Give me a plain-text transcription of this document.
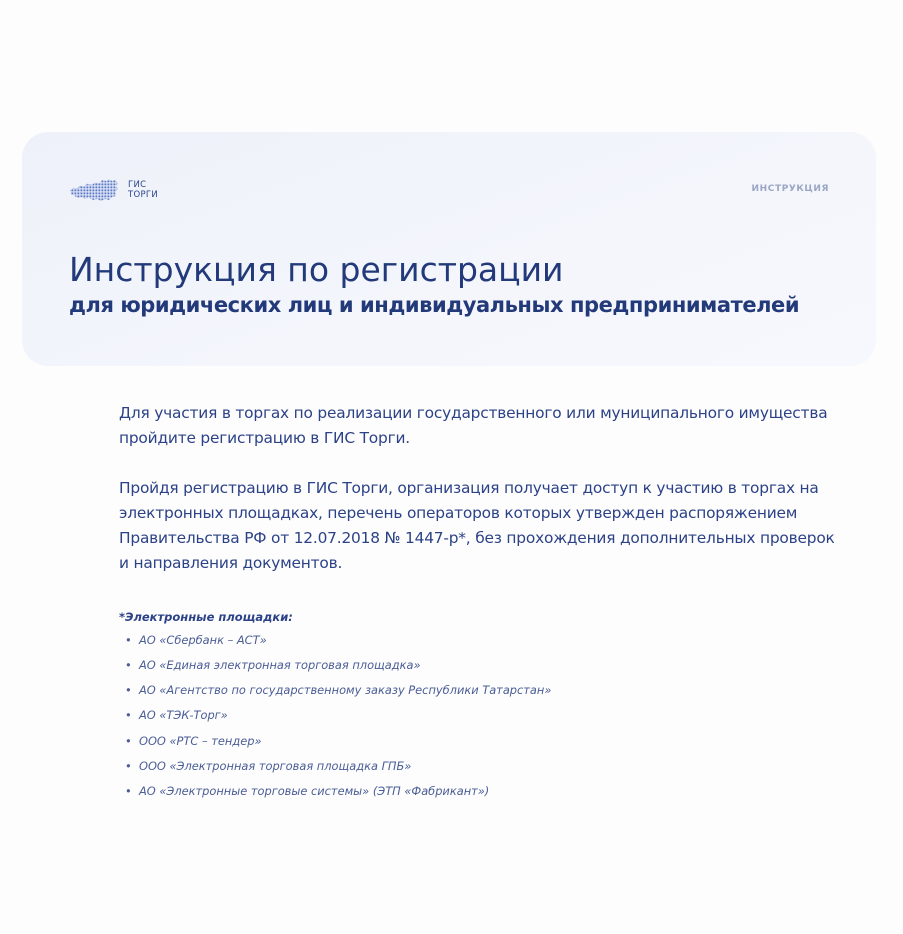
ГИС
ТОРГИ
ИНСТРУКЦИЯ
Инструкция по регистрации
для юридических лиц и индивидуальных предпринимателей

Для участия в торгах по реализации государственного или муниципального имущества пройдите регистрацию в ГИС Торги.

Пройдя регистрацию в ГИС Торги, организация получает доступ к участию в торгах на электронных площадках, перечень операторов которых утвержден распоряжением Правительства РФ от 12.07.2018 № 1447-р*, без прохождения дополнительных проверок и направления документов.

*Электронные площадки:
• АО «Сбербанк – АСТ»
• АО «Единая электронная торговая площадка»
• АО «Агентство по государственному заказу Республики Татарстан»
• АО «ТЭК-Торг»
• ООО «РТС – тендер»
• ООО «Электронная торговая площадка ГПБ»
• АО «Электронные торговые системы» (ЭТП «Фабрикант»)
